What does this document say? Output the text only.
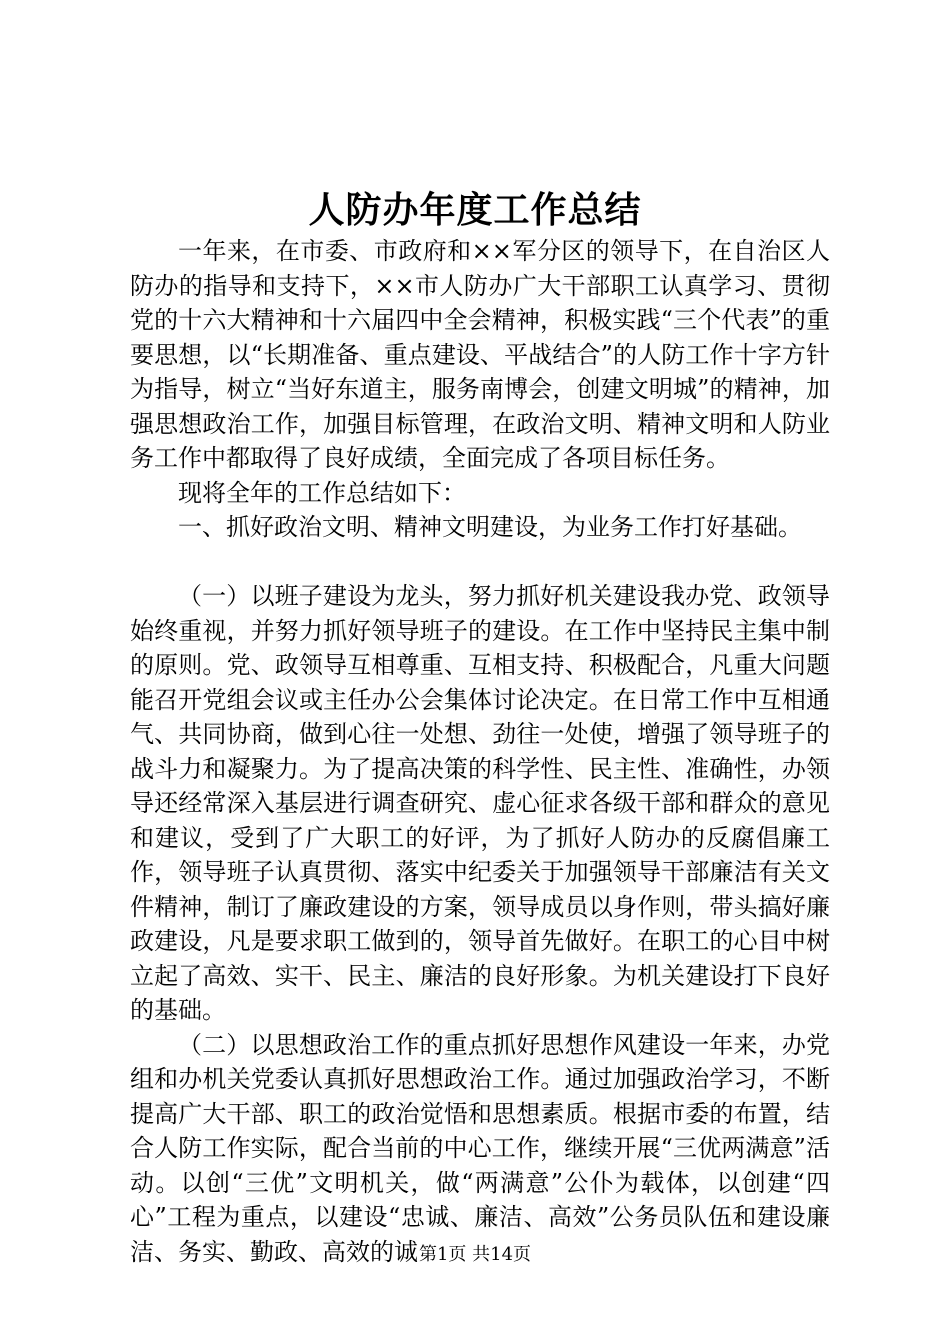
人防办年度工作总结

一年来，在市委、市政府和××军分区的领导下，在自治区人防办的指导和支持下，××市人防办广大干部职工认真学习、贯彻党的十六大精神和十六届四中全会精神，积极实践“三个代表”的重要思想，以“长期准备、重点建设、平战结合”的人防工作十字方针为指导，树立“当好东道主，服务南博会，创建文明城”的精神，加强思想政治工作，加强目标管理，在政治文明、精神文明和人防业务工作中都取得了良好成绩，全面完成了各项目标任务。

现将全年的工作总结如下：

一、抓好政治文明、精神文明建设，为业务工作打好基础。

（一）以班子建设为龙头，努力抓好机关建设我办党、政领导始终重视，并努力抓好领导班子的建设。在工作中坚持民主集中制的原则。党、政领导互相尊重、互相支持、积极配合，凡重大问题能召开党组会议或主任办公会集体讨论决定。在日常工作中互相通气、共同协商，做到心往一处想、劲往一处使，增强了领导班子的战斗力和凝聚力。为了提高决策的科学性、民主性、准确性，办领导还经常深入基层进行调查研究、虚心征求各级干部和群众的意见和建议，受到了广大职工的好评，为了抓好人防办的反腐倡廉工作，领导班子认真贯彻、落实中纪委关于加强领导干部廉洁有关文件精神，制订了廉政建设的方案，领导成员以身作则，带头搞好廉政建设，凡是要求职工做到的，领导首先做好。在职工的心目中树立起了高效、实干、民主、廉洁的良好形象。为机关建设打下良好的基础。

（二）以思想政治工作的重点抓好思想作风建设一年来，办党组和办机关党委认真抓好思想政治工作。通过加强政治学习，不断提高广大干部、职工的政治觉悟和思想素质。根据市委的布置，结合人防工作实际，配合当前的中心工作，继续开展“三优两满意”活动。以创“三优”文明机关，做“两满意”公仆为载体，以创建“四心”工程为重点，以建设“忠诚、廉洁、高效”公务员队伍和建设廉洁、务实、勤政、高效的诚 第1页 共14页
